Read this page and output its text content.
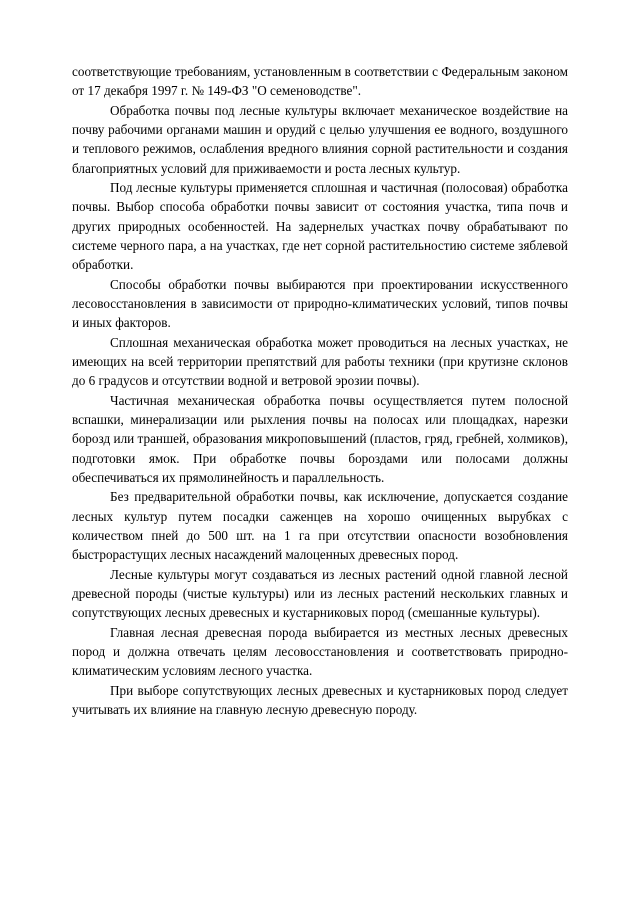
соответствующие требованиям, установленным в соответствии с Федеральным законом от 17 декабря 1997 г. № 149-ФЗ "О семеноводстве".

Обработка почвы под лесные культуры включает механическое воздействие на почву рабочими органами машин и орудий с целью улучшения ее водного, воздушного и теплового режимов, ослабления вредного влияния сорной растительности и создания благоприятных условий для приживаемости и роста лесных культур.

Под лесные культуры применяется сплошная и частичная (полосовая) обработка почвы. Выбор способа обработки почвы зависит от состояния участка, типа почв и других природных особенностей. На задернелых участках почву обрабатывают по системе черного пара, а на участках, где нет сорной растительностию системе зяблевой обработки.

Способы обработки почвы выбираются при проектировании искусственного лесовосстановления в зависимости от природно-климатических условий, типов почвы и иных факторов.

Сплошная механическая обработка может проводиться на лесных участках, не имеющих на всей территории препятствий для работы техники (при крутизне склонов до 6 градусов и отсутствии водной и ветровой эрозии почвы).

Частичная механическая обработка почвы осуществляется путем полосной вспашки, минерализации или рыхления почвы на полосах или площадках, нарезки борозд или траншей, образования микроповышений (пластов, гряд, гребней, холмиков), подготовки ямок. При обработке почвы бороздами или полосами должны обеспечиваться их прямолинейность и параллельность.

Без предварительной обработки почвы, как исключение, допускается создание лесных культур путем посадки саженцев на хорошо очищенных вырубках с количеством пней до 500 шт. на 1 га при отсутствии опасности возобновления быстрорастущих лесных насаждений малоценных древесных пород.

Лесные культуры могут создаваться из лесных растений одной главной лесной древесной породы (чистые культуры) или из лесных растений нескольких главных и сопутствующих лесных древесных и кустарниковых пород (смешанные культуры).

Главная лесная древесная порода выбирается из местных лесных древесных пород и должна отвечать целям лесовосстановления и соответствовать природно-климатическим условиям лесного участка.

При выборе сопутствующих лесных древесных и кустарниковых пород следует учитывать их влияние на главную лесную древесную породу.
